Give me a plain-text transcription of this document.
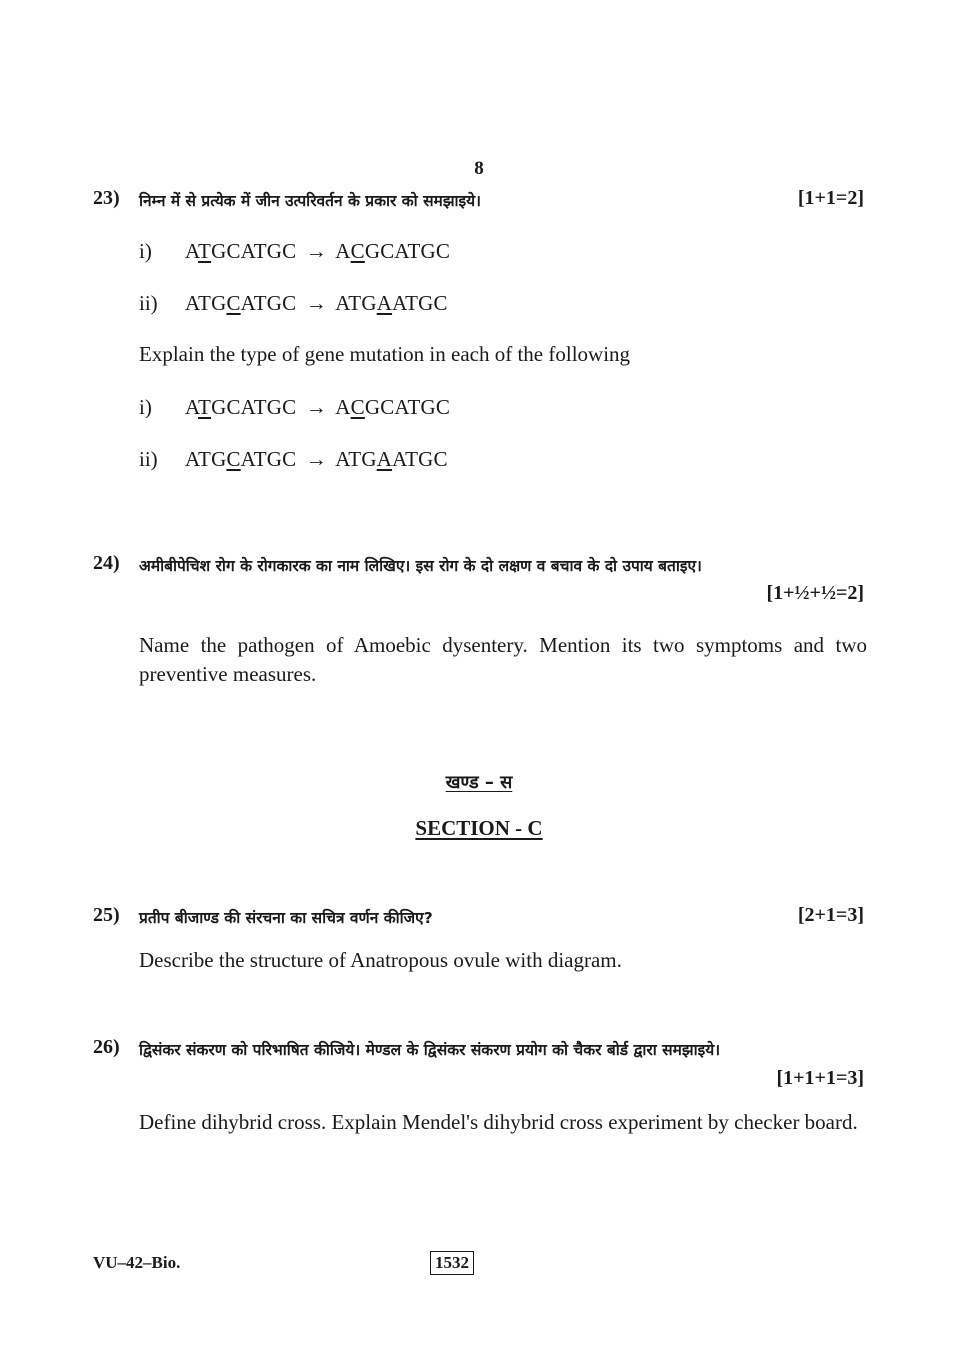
8
23) निम्न में से प्रत्येक में जीन उत्परिवर्तन के प्रकार को समझाइये।	[1+1=2]
i) ATGCATGC → ACGCATGC
ii) ATGCATGC → ATGAATGC
Explain the type of gene mutation in each of the following
i) ATGCATGC → ACGCATGC
ii) ATGCATGC → ATGAATGC
24) अमीबीपेचिश रोग के रोगकारक का नाम लिखिए। इस रोग के दो लक्षण व बचाव के दो उपाय बताइए।
[1+½+½=2]
Name the pathogen of Amoebic dysentery. Mention its two symptoms and two preventive measures.
खण्ड – स
SECTION - C
25) प्रतीप बीजाण्ड की संरचना का सचित्र वर्णन कीजिए?	[2+1=3]
Describe the structure of Anatropous ovule with diagram.
26) द्विसंकर संकरण को परिभाषित कीजिये। मेण्डल के द्विसंकर संकरण प्रयोग को चैकर बोर्ड द्वारा समझाइये।
[1+1+1=3]
Define dihybrid cross. Explain Mendel's dihybrid cross experiment by checker board.
VU–42–Bio.	1532
